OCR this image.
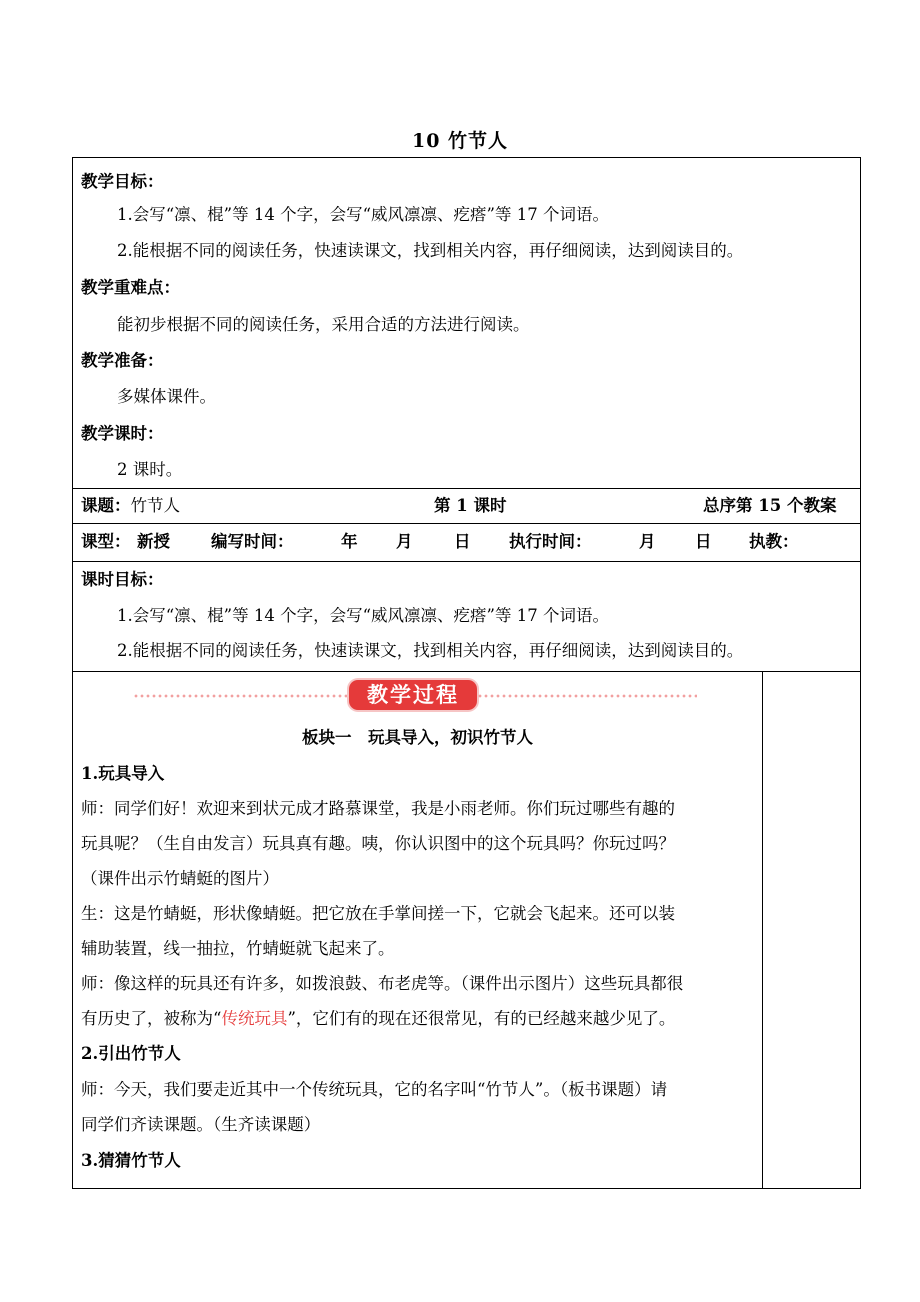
10 竹节人
教学目标：
1.会写“凛、棍”等 14 个字，会写“威风凛凛、疙瘩”等 17 个词语。
2.能根据不同的阅读任务，快速读课文，找到相关内容，再仔细阅读，达到阅读目的。
教学重难点：
能初步根据不同的阅读任务，采用合适的方法进行阅读。
教学准备：
多媒体课件。
教学课时：
2 课时。
课题：竹节人	第 1 课时	总序第 15 个教案
课型： 新授 编写时间：	年 月	日 执行时间：	月 日 执教：
课时目标：
1.会写“凛、棍”等 14 个字，会写“威风凛凛、疙瘩”等 17 个词语。
2.能根据不同的阅读任务，快速读课文，找到相关内容，再仔细阅读，达到阅读目的。
教学过程
板块一　玩具导入，初识竹节人
1.玩具导入
师：同学们好！欢迎来到状元成才路慕课堂，我是小雨老师。你们玩过哪些有趣的
玩具呢？（生自由发言）玩具真有趣。咦，你认识图中的这个玩具吗？你玩过吗？
（课件出示竹蜻蜓的图片）
生：这是竹蜻蜓，形状像蜻蜓。把它放在手掌间搓一下，它就会飞起来。还可以装
辅助装置，线一抽拉，竹蜻蜓就飞起来了。
师：像这样的玩具还有许多，如拨浪鼓、布老虎等。（课件出示图片）这些玩具都很
有历史了，被称为“传统玩具”，它们有的现在还很常见，有的已经越来越少见了。
2.引出竹节人
师：今天，我们要走近其中一个传统玩具，它的名字叫“竹节人”。（板书课题）请
同学们齐读课题。（生齐读课题）
3.猜猜竹节人
